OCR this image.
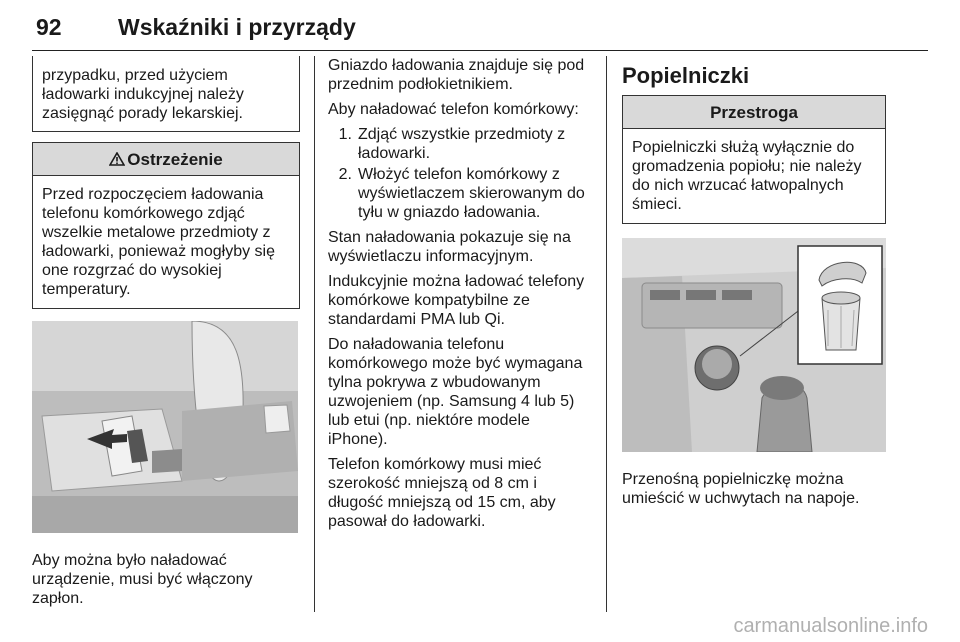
92 Wskaźniki i przyrządy
przypadku, przed użyciem ładowarki indukcyjnej należy zasięgnąć porady lekarskiej.
Ostrzeżenie
Przed rozpoczęciem ładowania telefonu komórkowego zdjąć wszelkie metalowe przedmioty z ładowarki, ponieważ mogłyby się one rozgrzać do wysokiej temperatury.

Aby można było naładować urządzenie, musi być włączony zapłon.

Gniazdo ładowania znajduje się pod przednim podłokietnikiem.

Aby naładować telefon komórkowy:

1. Zdjąć wszystkie przedmioty z ładowarki.
2. Włożyć telefon komórkowy z wyświetlaczem skierowanym do tyłu w gniazdo ładowania.

Stan naładowania pokazuje się na wyświetlaczu informacyjnym.

Indukcyjnie można ładować telefony komórkowe kompatybilne ze standardami PMA lub Qi.

Do naładowania telefonu komórkowego może być wymagana tylna pokrywa z wbudowanym uzwojeniem (np. Samsung 4 lub 5) lub etui (np. niektóre modele iPhone).

Telefon komórkowy musi mieć szerokość mniejszą od 8 cm i długość mniejszą od 15 cm, aby pasował do ładowarki.

Popielniczki
Przestroga
Popielniczki służą wyłącznie do gromadzenia popiołu; nie należy do nich wrzucać łatwopalnych śmieci.

Przenośną popielniczkę można umieścić w uchwytach na napoje.

carmanualsonline.info
